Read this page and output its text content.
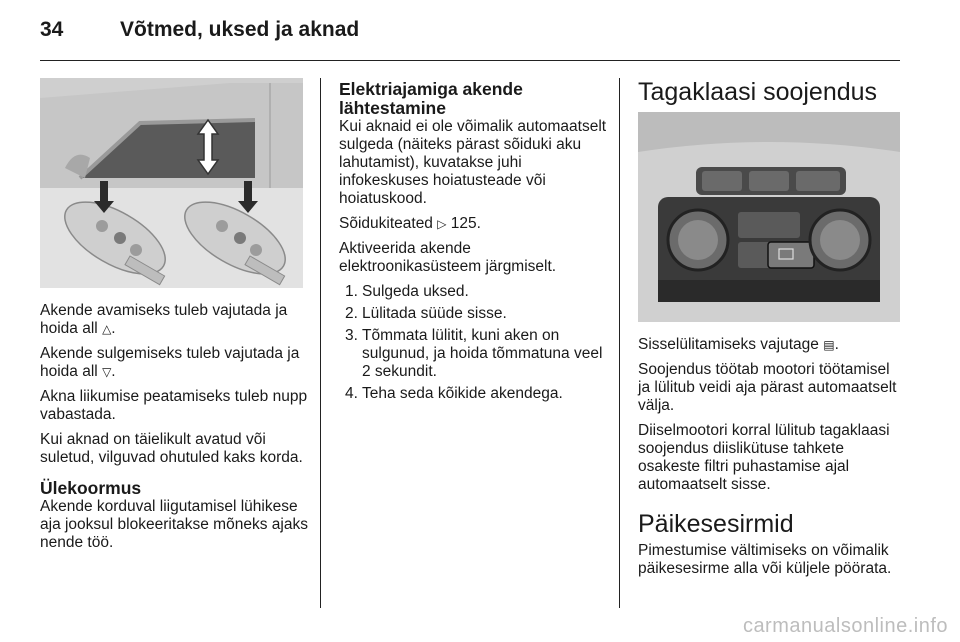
34	Võtmed, uksed ja aknad

Akende avamiseks tuleb vajutada ja hoida all △.

Akende sulgemiseks tuleb vajutada ja hoida all ▽.

Akna liikumise peatamiseks tuleb nupp vabastada.

Kui aknad on täielikult avatud või suletud, vilguvad ohutuled kaks korda.

Ülekoormus

Akende korduval liigutamisel lühikese aja jooksul blokeeritakse mõneks ajaks nende töö.

Elektriajamiga akende lähtestamine

Kui aknaid ei ole võimalik automaatselt sulgeda (näiteks pärast sõiduki aku lahutamist), kuvatakse juhi infokeskuses hoiatusteade või hoiatuskood.

Sõidukiteated ▷ 125.

Aktiveerida akende elektroonikasüsteem järgmiselt.

1. Sulgeda uksed.
2. Lülitada süüde sisse.
3. Tõmmata lülitit, kuni aken on sulgunud, ja hoida tõmmatuna veel 2 sekundit.
4. Teha seda kõikide akendega.
Tagaklaasi soojendus

Sisselülitamiseks vajutage ▤.

Soojendus töötab mootori töötamisel ja lülitub veidi aja pärast automaatselt välja.

Diiselmootori korral lülitub tagaklaasi soojendus diislikütuse tahkete osakeste filtri puhastamise ajal automaatselt sisse.

Päikesesirmid

Pimestumise vältimiseks on võimalik päikesesirme alla või küljele pöörata.

carmanualsonline.info
